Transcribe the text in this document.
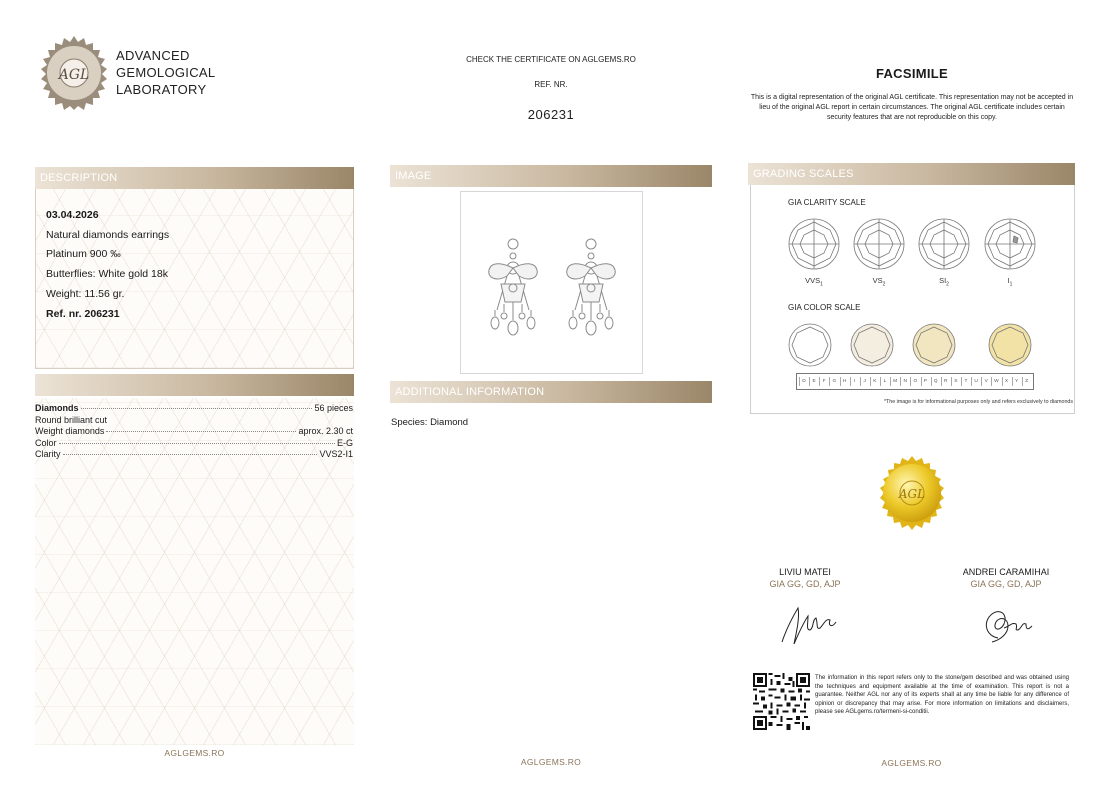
AGL
ADVANCED
GEMOLOGICAL
LABORATORY
CHECK THE CERTIFICATE ON AGLGEMS.RO
REF. NR.
206231
FACSIMILE
This is a digital representation of the original AGL certificate. This representation may not be accepted in lieu of the original AGL report in certain circumstances. The original AGL certificate includes certain security features that are not reproducible on this copy.
DESCRIPTION
03.04.2026
Natural diamonds earrings
Platinum 900 ‰
Butterflies: White gold 18k
Weight: 11.56 gr.
Ref. nr. 206231
Diamonds	56 pieces
Round brilliant cut
Weight diamonds	aprox. 2.30 ct
Color	E-G
Clarity	VVS2-I1
IMAGE
ADDITIONAL INFORMATION
Species: Diamond
GRADING SCALES
GIA CLARITY SCALE
$VVS_1$	$VS_2$	$SI_2$	$I_1$
GIA COLOR SCALE
D	E	F	G	H	I	J	K	L	M	N	O	P	Q	R	S	T	U	V	W	X	Y	Z
*The image is for informational purposes only and refers exclusively to diamonds
AGL
LIVIU MATEI
GIA GG, GD, AJP
ANDREI CARAMIHAI
GIA GG, GD, AJP
The information in this report refers only to the stone/gem described and was obtained using the techniques and equipment available at the time of examination. This report is not a guarantee. Neither AGL nor any of its experts shall at any time be liable for any difference of opinion or discrepancy that may arise. For more information on limitations and disclaimers, please see AGLgems.ro/termeni-si-conditii.
AGLGEMS.RO
AGLGEMS.RO	AGLGEMS.RO
